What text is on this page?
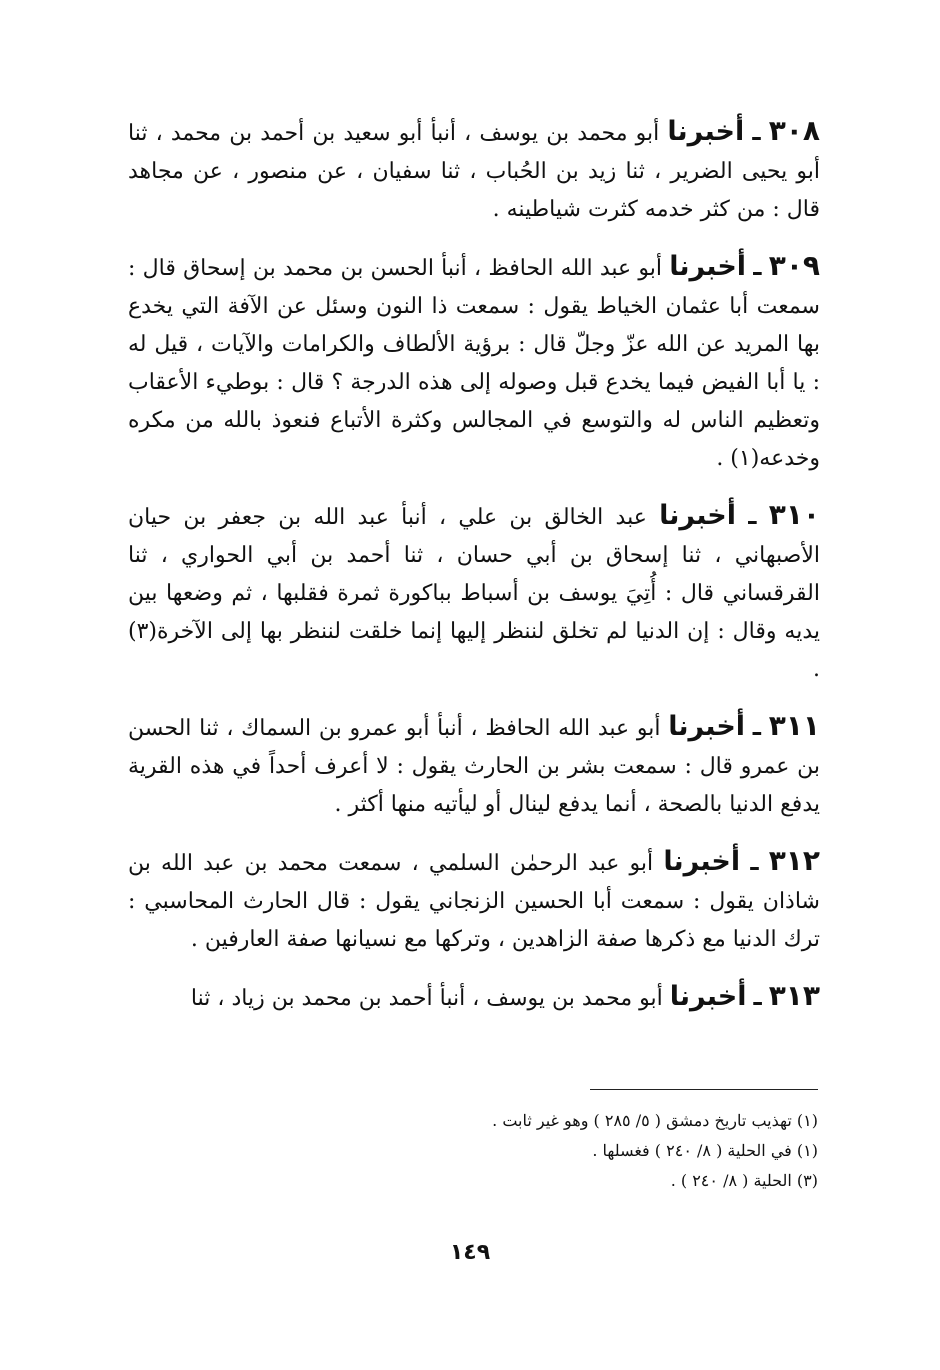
٣٠٨ ـ أخبرنا أبو محمد بن يوسف ، أنبأ أبو سعيد بن أحمد بن محمد ، ثنا أبو يحيى الضرير ، ثنا زيد بن الحُباب ، ثنا سفيان ، عن منصور ، عن مجاهد قال : من كثر خدمه كثرت شياطينه .

٣٠٩ ـ أخبرنا أبو عبد الله الحافظ ، أنبأ الحسن بن محمد بن إسحاق قال : سمعت أبا عثمان الخياط يقول : سمعت ذا النون وسئل عن الآفة التي يخدع بها المريد عن الله عزّ وجلّ قال : برؤية الألطاف والكرامات والآيات ، قيل له : يا أبا الفيض فيما يخدع قبل وصوله إلى هذه الدرجة ؟ قال : بوطيء الأعقاب وتعظيم الناس له والتوسع في المجالس وكثرة الأتباع فنعوذ بالله من مكره وخدعه(١) .

٣١٠ ـ أخبرنا عبد الخالق بن علي ، أنبأ عبد الله بن جعفر بن حيان الأصبهاني ، ثنا إسحاق بن أبي حسان ، ثنا أحمد بن أبي الحواري ، ثنا القرقساني قال : أُتِيَ يوسف بن أسباط بباكورة ثمرة فقلبها ، ثم وضعها بين يديه وقال : إن الدنيا لم تخلق لننظر إليها إنما خلقت لننظر بها إلى الآخرة(٣) .

٣١١ ـ أخبرنا أبو عبد الله الحافظ ، أنبأ أبو عمرو بن السماك ، ثنا الحسن بن عمرو قال : سمعت بشر بن الحارث يقول : لا أعرف أحداً في هذه القرية يدفع الدنيا بالصحة ، أنما يدفع لينال أو ليأتيه منها أكثر .

٣١٢ ـ أخبرنا أبو عبد الرحمٰن السلمي ، سمعت محمد بن عبد الله بن شاذان يقول : سمعت أبا الحسين الزنجاني يقول : قال الحارث المحاسبي : ترك الدنيا مع ذكرها صفة الزاهدين ، وتركها مع نسيانها صفة العارفين .

٣١٣ ـ أخبرنا أبو محمد بن يوسف ، أنبأ أحمد بن محمد بن زياد ، ثنا

(١) تهذيب تاريخ دمشق ( ٥/ ٢٨٥ ) وهو غير ثابت .

(١) في الحلية ( ٨/ ٢٤٠ ) فغسلها .

(٣) الحلية ( ٨/ ٢٤٠ ) .

١٤٩
